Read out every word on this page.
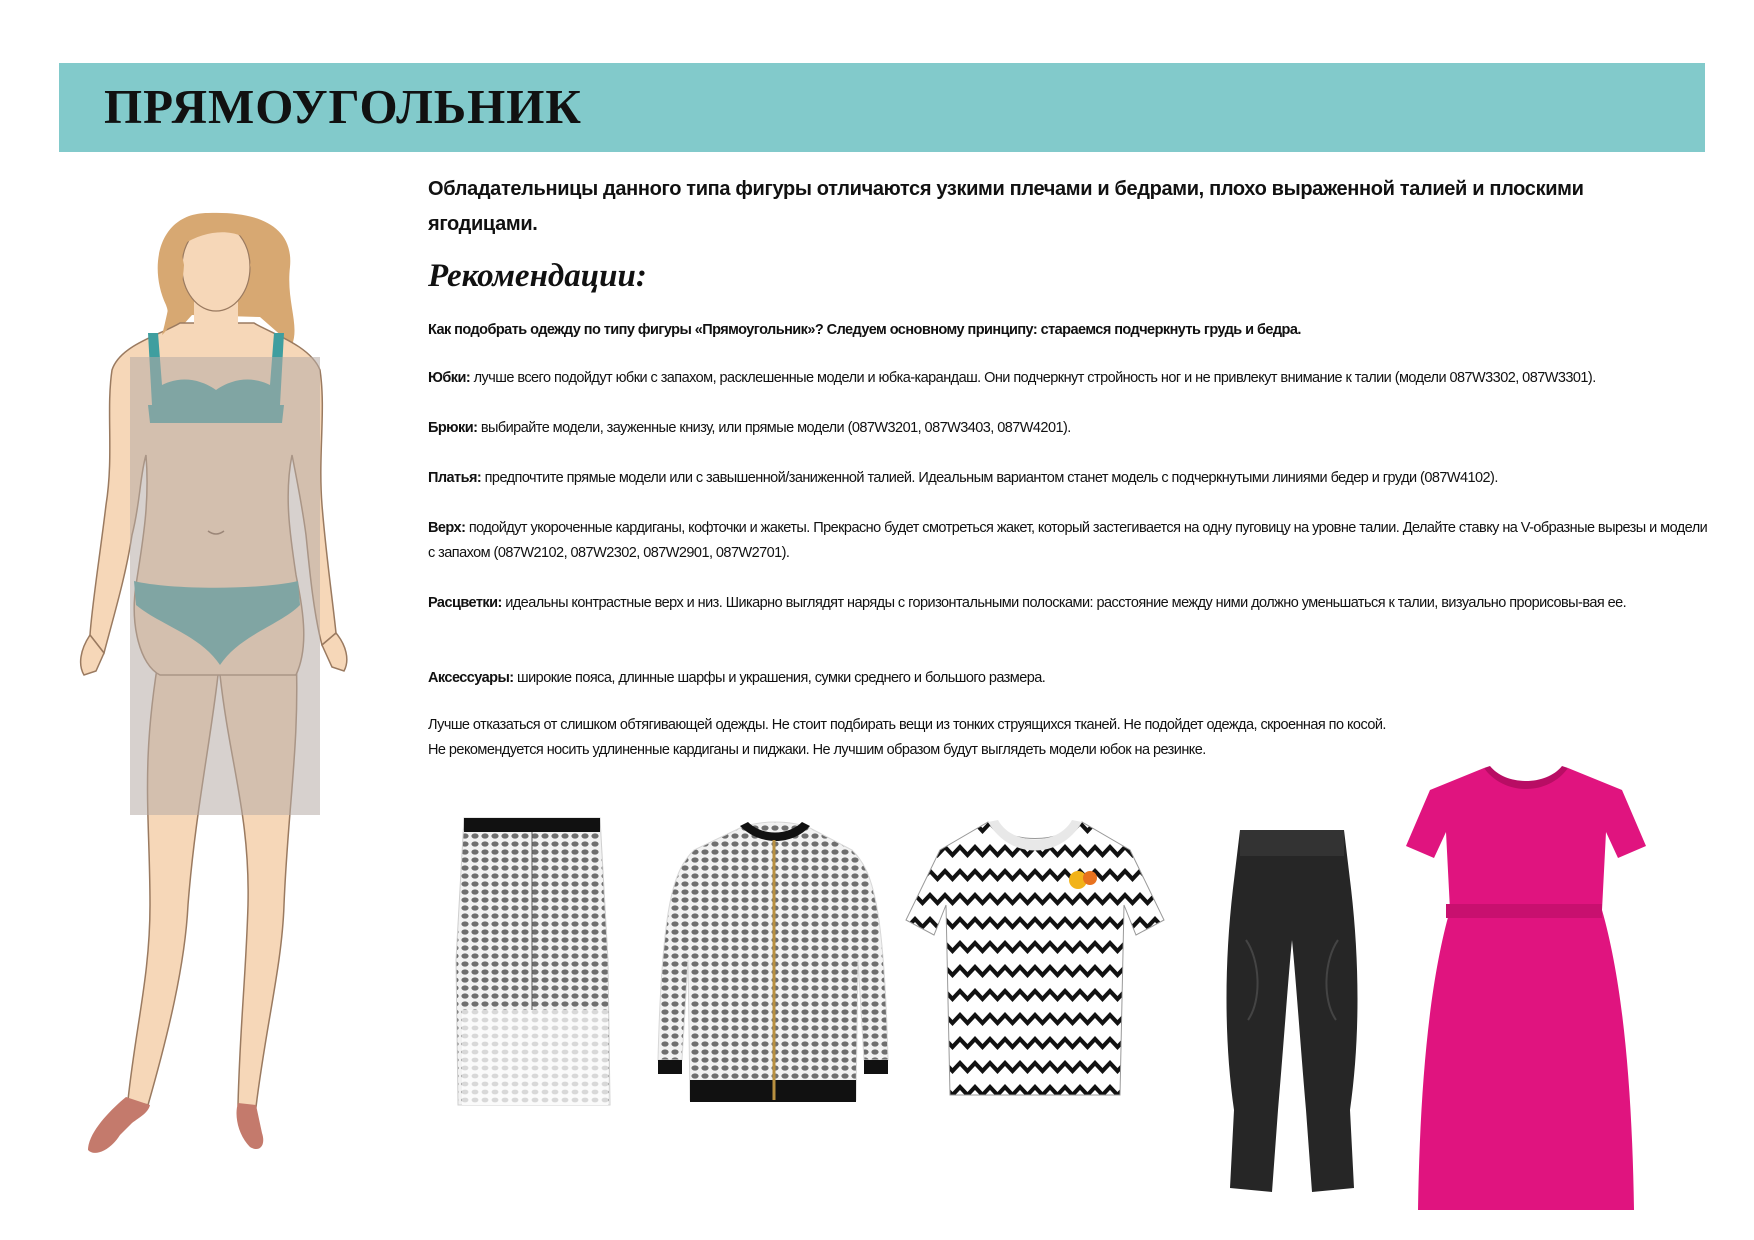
ПРЯМОУГОЛЬНИК

Обладательницы данного типа фигуры отличаются узкими плечами и бедрами, плохо выраженной талией и плоскими ягодицами.

Рекомендации:

Как подобрать одежду по типу фигуры «Прямоугольник»? Следуем основному принципу: стараемся подчеркнуть грудь и бедра.

Юбки: лучше всего подойдут юбки с запахом, расклешенные модели и юбка-карандаш. Они подчеркнут стройность ног и не привлекут внимание к талии (модели 087W3302, 087W3301).

Брюки: выбирайте модели, зауженные книзу, или прямые модели (087W3201, 087W3403, 087W4201).

Платья: предпочтите прямые модели или с завышенной/заниженной талией. Идеальным вариантом станет модель с подчеркнутыми линиями бедер и груди (087W4102).

Верх: подойдут укороченные кардиганы, кофточки и жакеты. Прекрасно будет смотреться жакет, который застегивается на одну пуговицу на уровне талии. Делайте ставку на V-образные вырезы и модели с запахом (087W2102, 087W2302, 087W2901, 087W2701).

Расцветки: идеальны контрастные верх и низ. Шикарно выглядят наряды с горизонтальными полосками: расстояние между ними должно уменьшаться к талии, визуально прорисовы-вая ее.

Аксессуары: широкие пояса, длинные шарфы и украшения, сумки среднего и большого размера.

Лучше отказаться от слишком обтягивающей одежды. Не стоит подбирать вещи из тонких струящихся тканей. Не подойдет одежда, скроенная по косой.

Не рекомендуется носить удлиненные кардиганы и пиджаки. Не лучшим образом будут выглядеть модели юбок на резинке.
